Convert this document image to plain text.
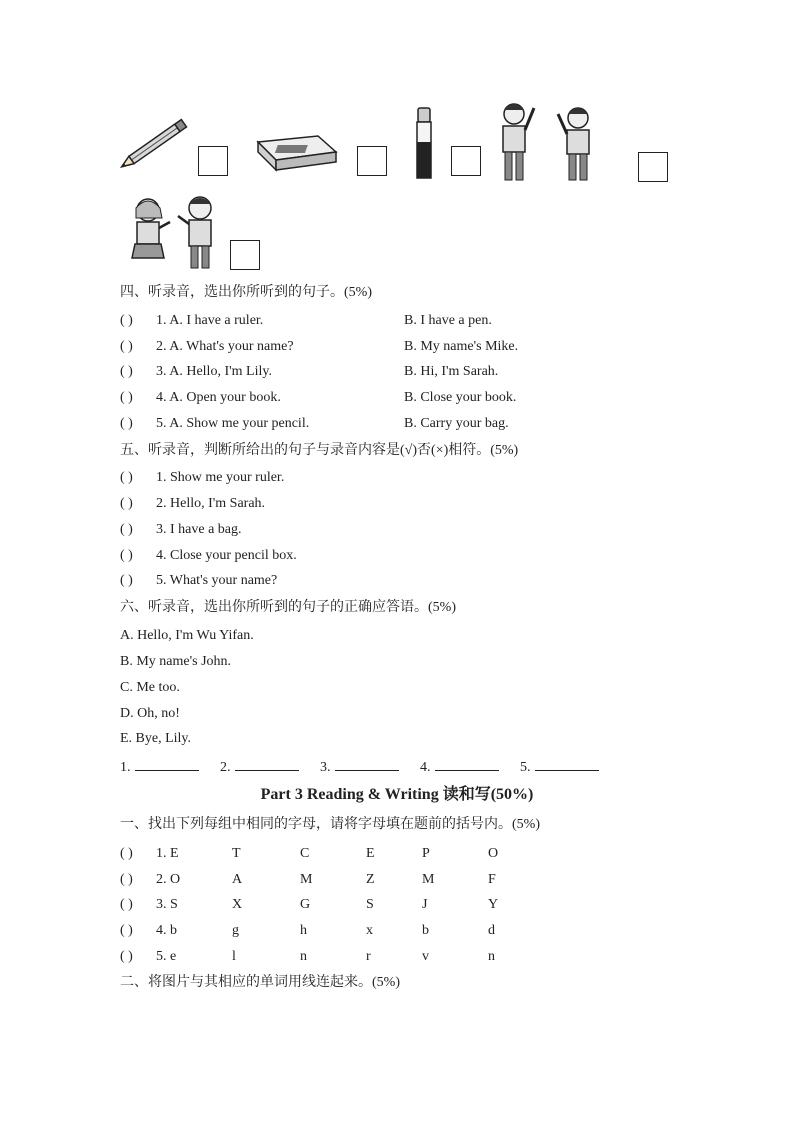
四、听录音，选出你所听到的句子。(5%)
( ) 1. A. I have a ruler.	B. I have a pen.
( ) 2. A. What's your name?	B. My name's Mike.
( ) 3. A. Hello, I'm Lily.	B. Hi, I'm Sarah.
( ) 4. A. Open your book.	B. Close your book.
( ) 5. A. Show me your pencil.	B. Carry your bag.
五、听录音，判断所给出的句子与录音内容是(√)否(×)相符。(5%)
( ) 1. Show me your ruler.
( ) 2. Hello, I'm Sarah.
( ) 3. I have a bag.
( ) 4. Close your pencil box.
( ) 5. What's your name?
六、听录音，选出你所听到的句子的正确应答语。(5%)
A. Hello, I'm Wu Yifan.
B. My name's John.
C. Me too.
D. Oh, no!
E. Bye, Lily.
1.	2.	3.	4.	5.
Part 3 Reading & Writing 读和写(50%)
一、找出下列每组中相同的字母，请将字母填在题前的括号内。(5%)
( ) 1. E	T	C	E	P	O
( ) 2. O	A	M	Z	M	F
( ) 3. S	X	G	S	J	Y
( ) 4. b	g	h	x	b	d
( ) 5. e	l	n	r	v	n
二、将图片与其相应的单词用线连起来。(5%)
